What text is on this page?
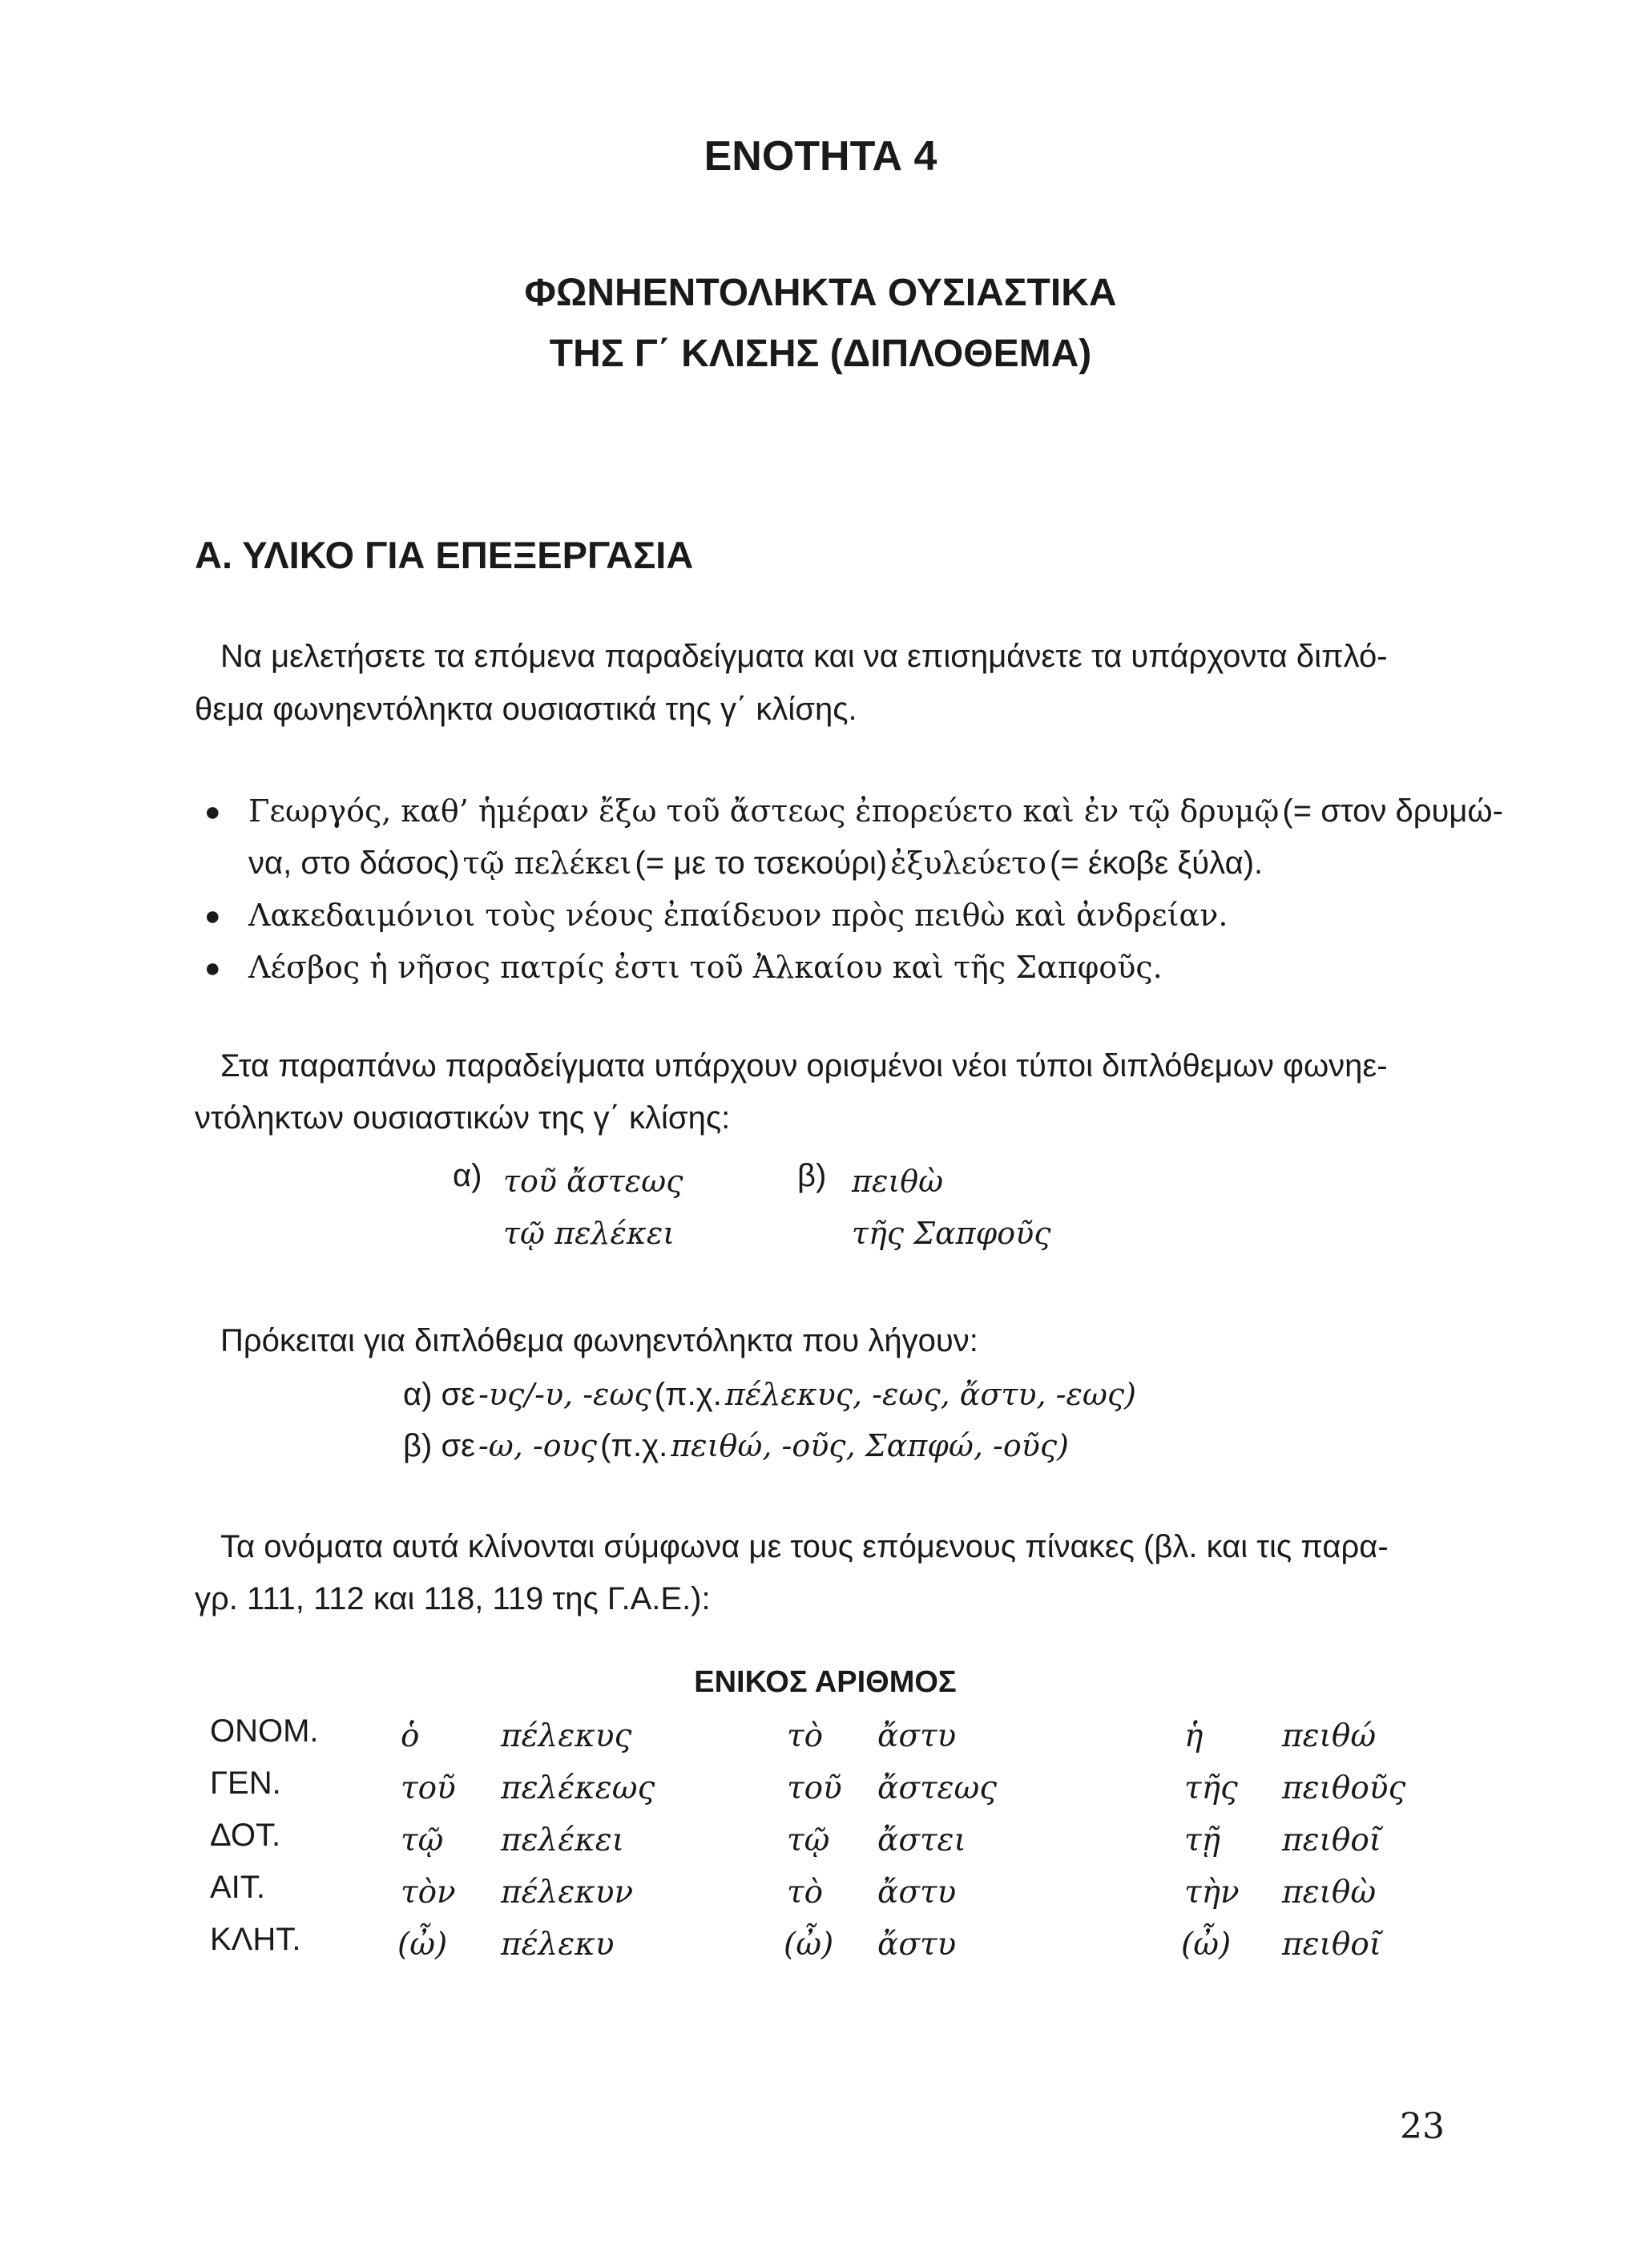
ΕΝΟΤΗΤΑ 4
ΦΩΝΗΕΝΤΟΛΗΚΤΑ ΟΥΣΙΑΣΤΙΚΑ
ΤΗΣ Γ΄ ΚΛΙΣΗΣ (ΔΙΠΛΟΘΕΜΑ)
Α. ΥΛΙΚΟ ΓΙΑ ΕΠΕΞΕΡΓΑΣΙΑ
Να μελετήσετε τα επόμενα παραδείγματα και να επισημάνετε τα υπάρχοντα διπλό-
θεμα φωνηεντόληκτα ουσιαστικά της γ΄ κλίσης.
● Γεωργός, καθ’ ἡμέραν ἔξω τοῦ ἄστεως ἐπορεύετο καὶ ἐν τῷ δρυμῷ (= στον δρυμώ-
να, στο δάσος) τῷ πελέκει (= με το τσεκούρι) ἐξυλεύετο (= έκοβε ξύλα).
● Λακεδαιμόνιοι τοὺς νέους ἐπαίδευον πρὸς πειθὼ καὶ ἀνδρείαν.
● Λέσβος ἡ νῆσος πατρίς ἐστι τοῦ Ἀλκαίου καὶ τῆς Σαπφοῦς.
Στα παραπάνω παραδείγματα υπάρχουν ορισμένοι νέοι τύποι διπλόθεμων φωνηε-
ντόληκτων ουσιαστικών της γ΄ κλίσης:
α) τοῦ ἄστεως
τῷ πελέκει
β) πειθὼ
τῆς Σαπφοῦς
Πρόκειται για διπλόθεμα φωνηεντόληκτα που λήγουν:
α) σε -υς/-υ, -εως (π.χ. πέλεκυς, -εως, ἄστυ, -εως)
β) σε -ω, -ους (π.χ. πειθώ, -οῦς, Σαπφώ, -οῦς)
Τα ονόματα αυτά κλίνονται σύμφωνα με τους επόμενους πίνακες (βλ. και τις παρα-
γρ. 111, 112 και 118, 119 της Γ.Α.Ε.):
ΕΝΙΚΟΣ ΑΡΙΘΜΟΣ
ΟΝΟΜ.	ὁ	πέλεκυς	τὸ ἄστυ	ἡ	πειθώ
ΓΕΝ.	τοῦ πελέκεως	τοῦ ἄστεως	τῆς πειθοῦς
ΔΟΤ.	τῷ πελέκει	τῷ ἄστει	τῇ πειθοῖ
ΑΙΤ.	τὸν πέλεκυν	τὸ ἄστυ	τὴν πειθὼ
ΚΛΗΤ.	(ὦ) πέλεκυ	(ὦ) ἄστυ	(ὦ) πειθοῖ
23
